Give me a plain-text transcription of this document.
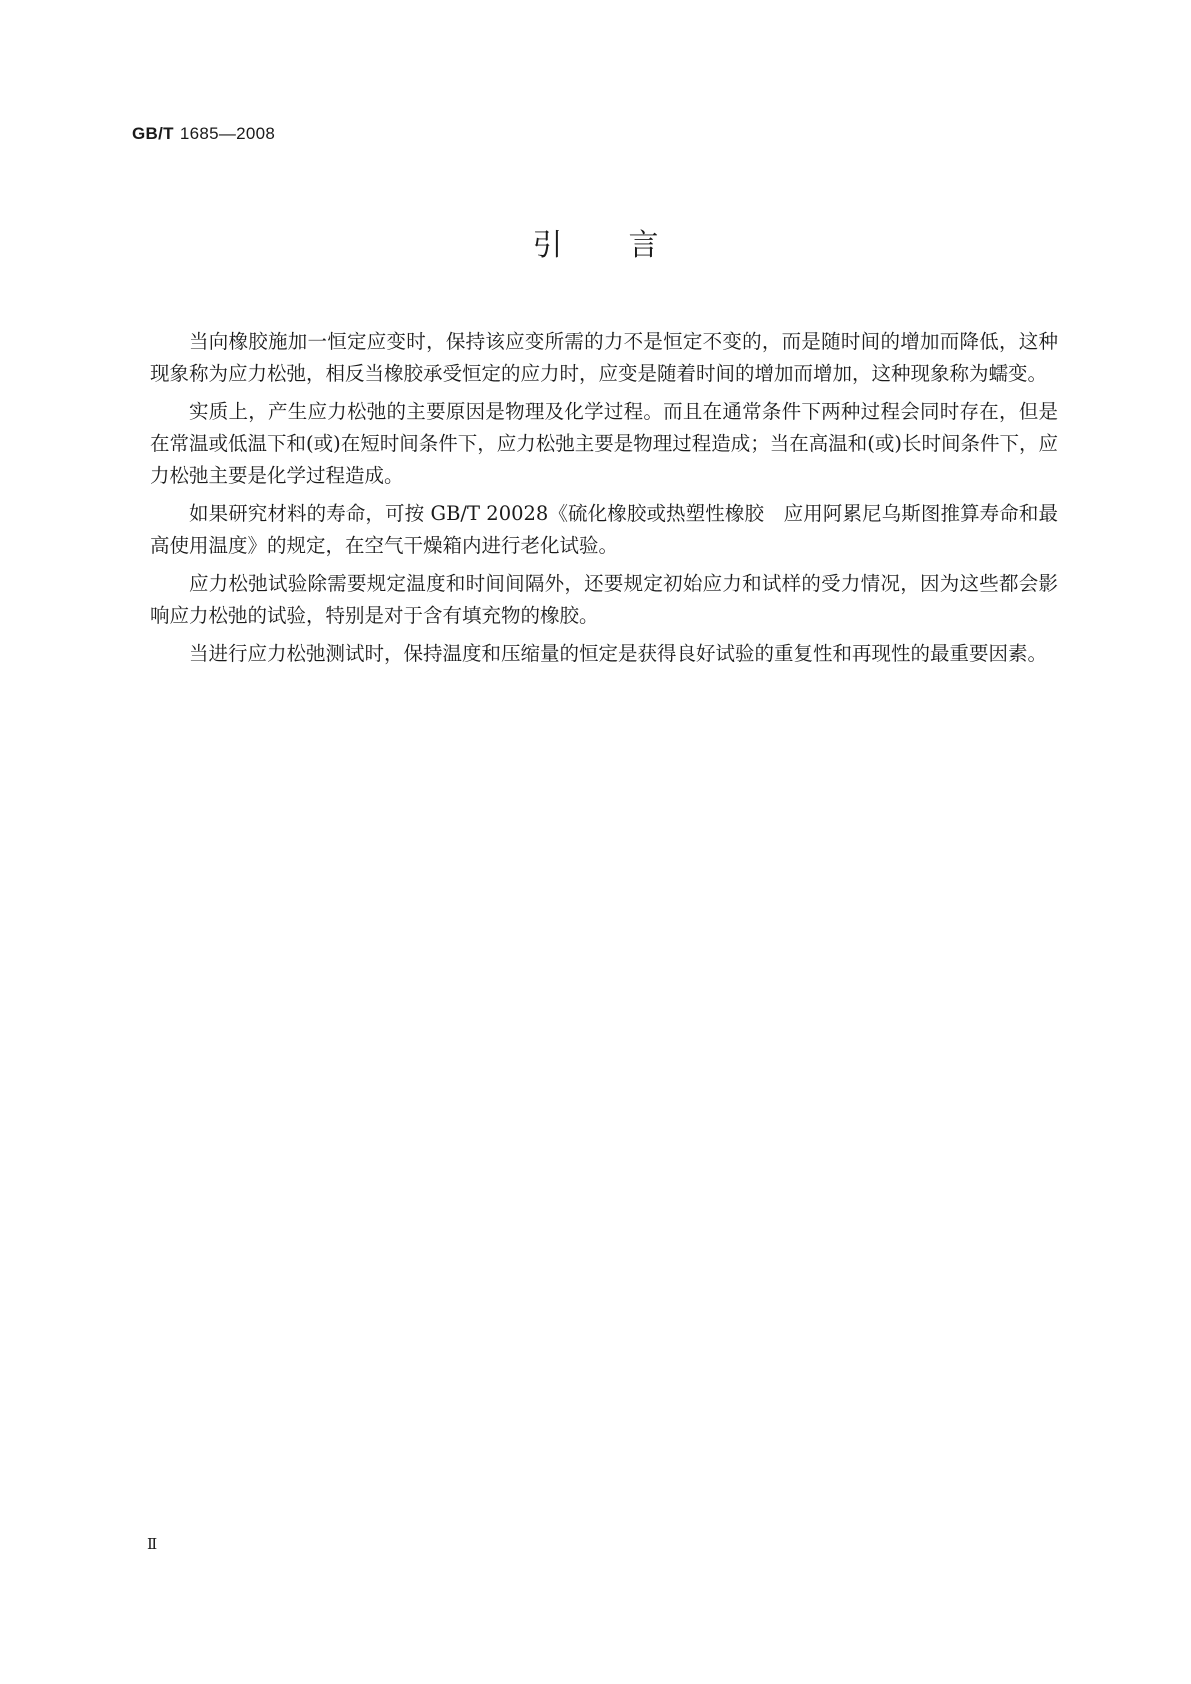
GB/T 1685—2008
引言

当向橡胶施加一恒定应变时，保持该应变所需的力不是恒定不变的，而是随时间的增加而降低，这种现象称为应力松弛，相反当橡胶承受恒定的应力时，应变是随着时间的增加而增加，这种现象称为蠕变。

实质上，产生应力松弛的主要原因是物理及化学过程。而且在通常条件下两种过程会同时存在，但是在常温或低温下和(或)在短时间条件下，应力松弛主要是物理过程造成；当在高温和(或)长时间条件下，应力松弛主要是化学过程造成。

如果研究材料的寿命，可按 GB/T 20028《硫化橡胶或热塑性橡胶　应用阿累尼乌斯图推算寿命和最高使用温度》的规定，在空气干燥箱内进行老化试验。

应力松弛试验除需要规定温度和时间间隔外，还要规定初始应力和试样的受力情况，因为这些都会影响应力松弛的试验，特别是对于含有填充物的橡胶。

当进行应力松弛测试时，保持温度和压缩量的恒定是获得良好试验的重复性和再现性的最重要因素。

Ⅱ
